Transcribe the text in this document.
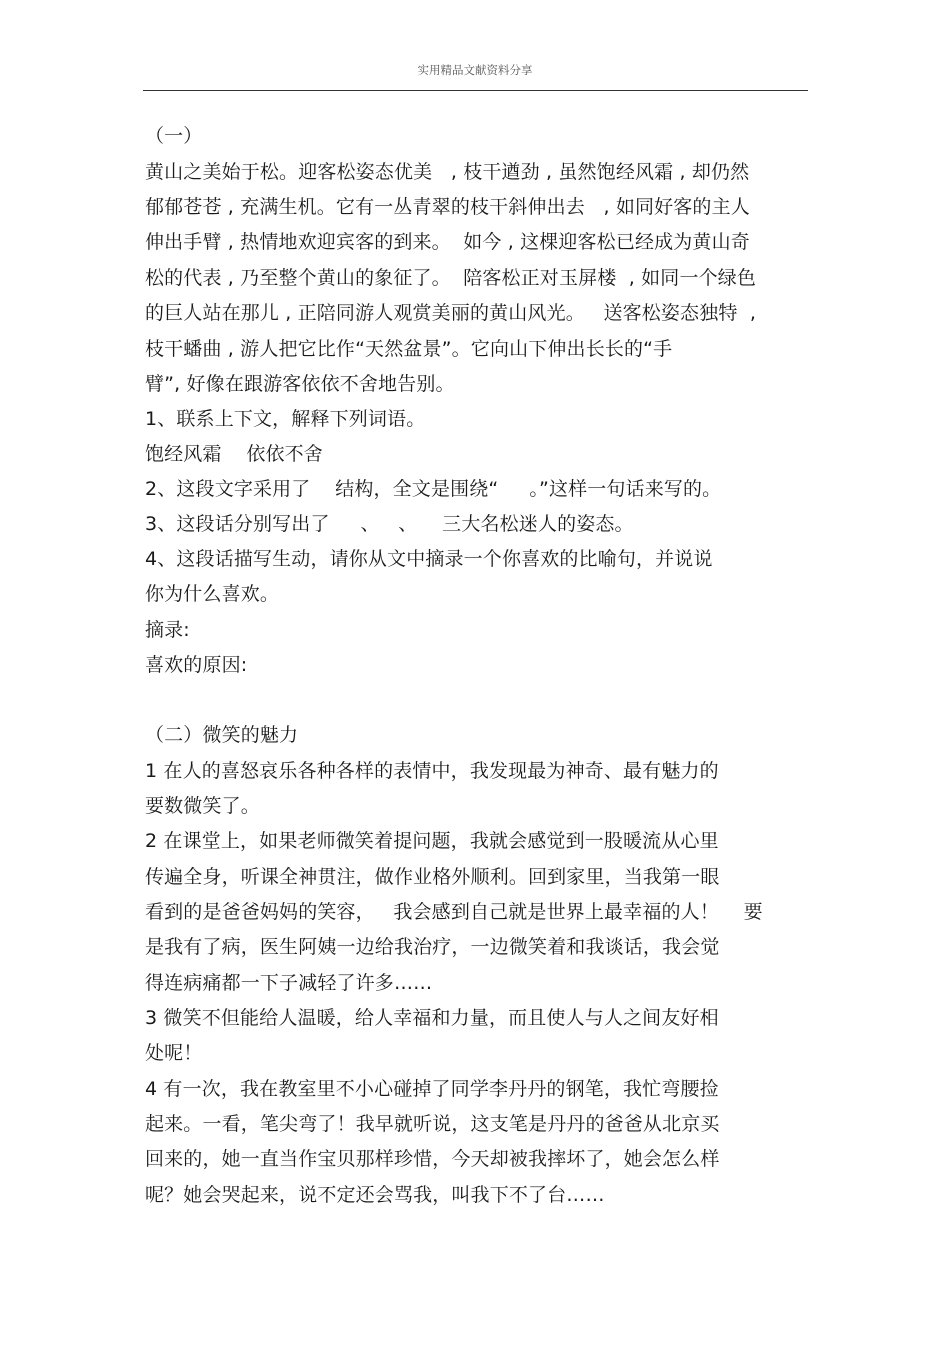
实用精品文献资料分享
（一）
黄山之美始于松。迎客松姿态优美   , 枝干遒劲 , 虽然饱经风霜 , 却仍然
郁郁苍苍 , 充满生机。它有一丛青翠的枝干斜伸出去   , 如同好客的主人
伸出手臂 , 热情地欢迎宾客的到来。  如今 , 这棵迎客松已经成为黄山奇
松的代表 , 乃至整个黄山的象征了。  陪客松正对玉屏楼  , 如同一个绿色
的巨人站在那儿 , 正陪同游人观赏美丽的黄山风光。   送客松姿态独特  ,
枝干蟠曲 , 游人把它比作“天然盆景”。它向山下伸出长长的“手
臂”, 好像在跟游客依依不舍地告别。
1、联系上下文，解释下列词语。
饱经风霜    依依不舍
2、这段文字采用了    结构，全文是围绕“     。”这样一句话来写的。
3、这段话分别写出了     、   、    三大名松迷人的姿态。
4、这段话描写生动，请你从文中摘录一个你喜欢的比喻句，并说说
你为什么喜欢。
摘录:
喜欢的原因:
（二）微笑的魅力
1 在人的喜怒哀乐各种各样的表情中，我发现最为神奇、最有魅力的
要数微笑了。
2 在课堂上，如果老师微笑着提问题，我就会感觉到一股暖流从心里
传遍全身，听课全神贯注，做作业格外顺利。回到家里，当我第一眼
看到的是爸爸妈妈的笑容，   我会感到自己就是世界上最幸福的人！    要
是我有了病，医生阿姨一边给我治疗，一边微笑着和我谈话，我会觉
得连病痛都一下子减轻了许多……
3 微笑不但能给人温暖，给人幸福和力量，而且使人与人之间友好相
处呢！
4 有一次，我在教室里不小心碰掉了同学李丹丹的钢笔，我忙弯腰捡
起来。一看，笔尖弯了！我早就听说，这支笔是丹丹的爸爸从北京买
回来的，她一直当作宝贝那样珍惜，今天却被我摔坏了，她会怎么样
呢？她会哭起来，说不定还会骂我，叫我下不了台……
